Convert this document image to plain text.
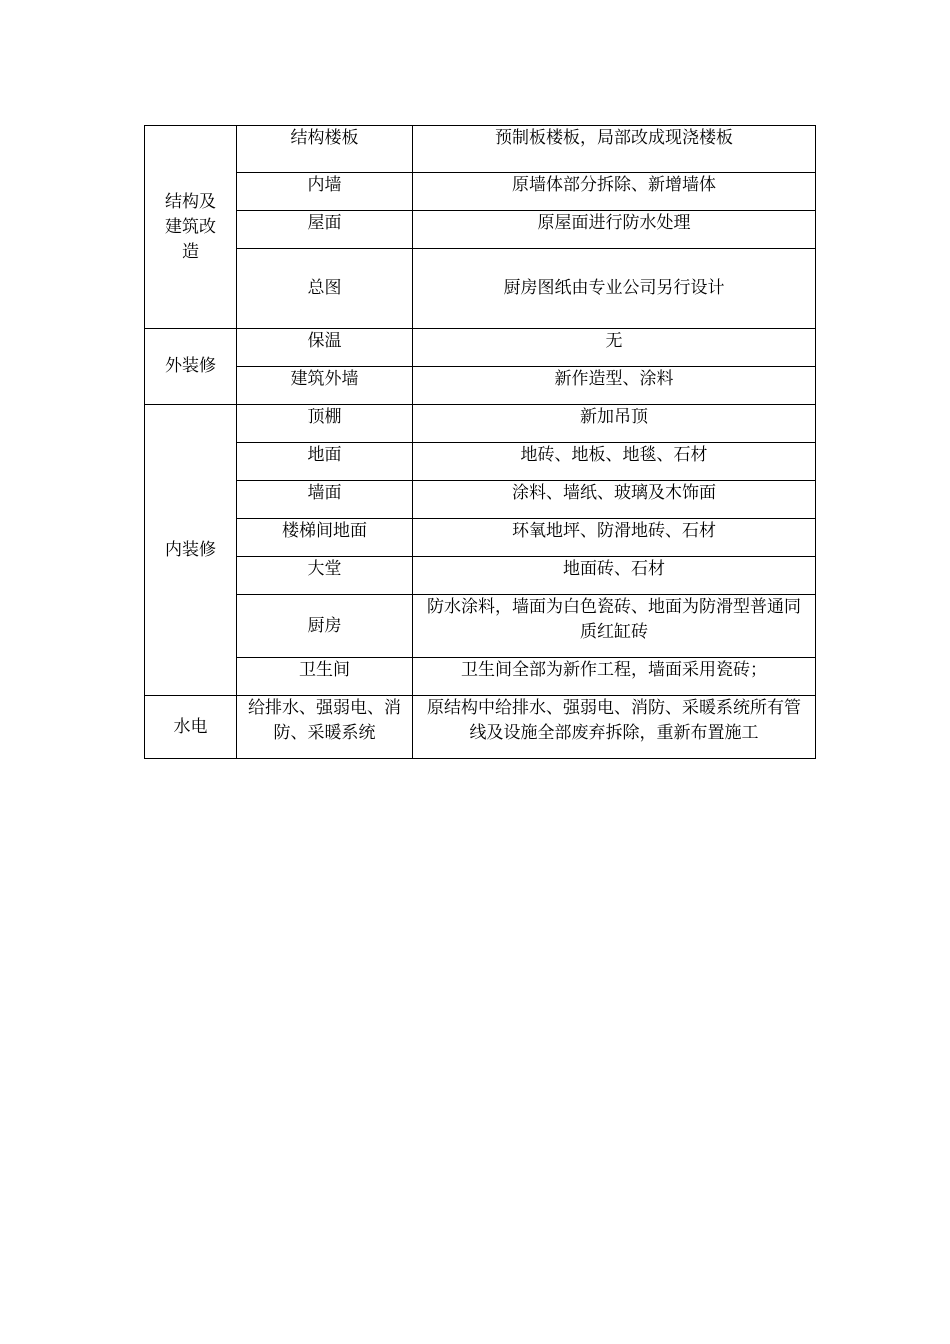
结构及建筑改造	结构楼板	预制板楼板，局部改成现浇楼板
	内墙	原墙体部分拆除、新增墙体
	屋面	原屋面进行防水处理
	总图	厨房图纸由专业公司另行设计
外装修	保温	无
	建筑外墙	新作造型、涂料
内装修	顶棚	新加吊顶
	地面	地砖、地板、地毯、石材
	墙面	涂料、墙纸、玻璃及木饰面
	楼梯间地面	环氧地坪、防滑地砖、石材
	大堂	地面砖、石材
	厨房	防水涂料，墙面为白色瓷砖、地面为防滑型普通同质红缸砖
	卫生间	卫生间全部为新作工程，墙面采用瓷砖；
水电	给排水、强弱电、消防、采暖系统	原结构中给排水、强弱电、消防、采暖系统所有管线及设施全部废弃拆除，重新布置施工
